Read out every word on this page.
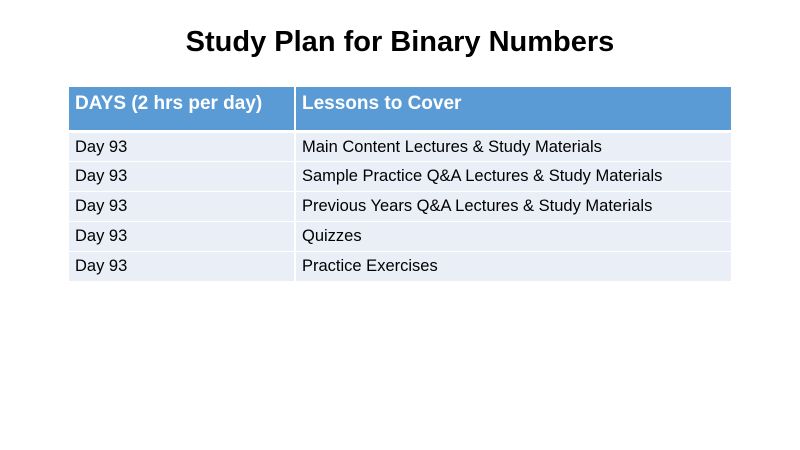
Study Plan for Binary Numbers
DAYS (2 hrs per day)	Lessons to Cover
Day 93	Main Content Lectures & Study Materials
Day 93	Sample Practice Q&A Lectures & Study Materials
Day 93	Previous Years Q&A Lectures & Study Materials
Day 93	Quizzes
Day 93	Practice Exercises
